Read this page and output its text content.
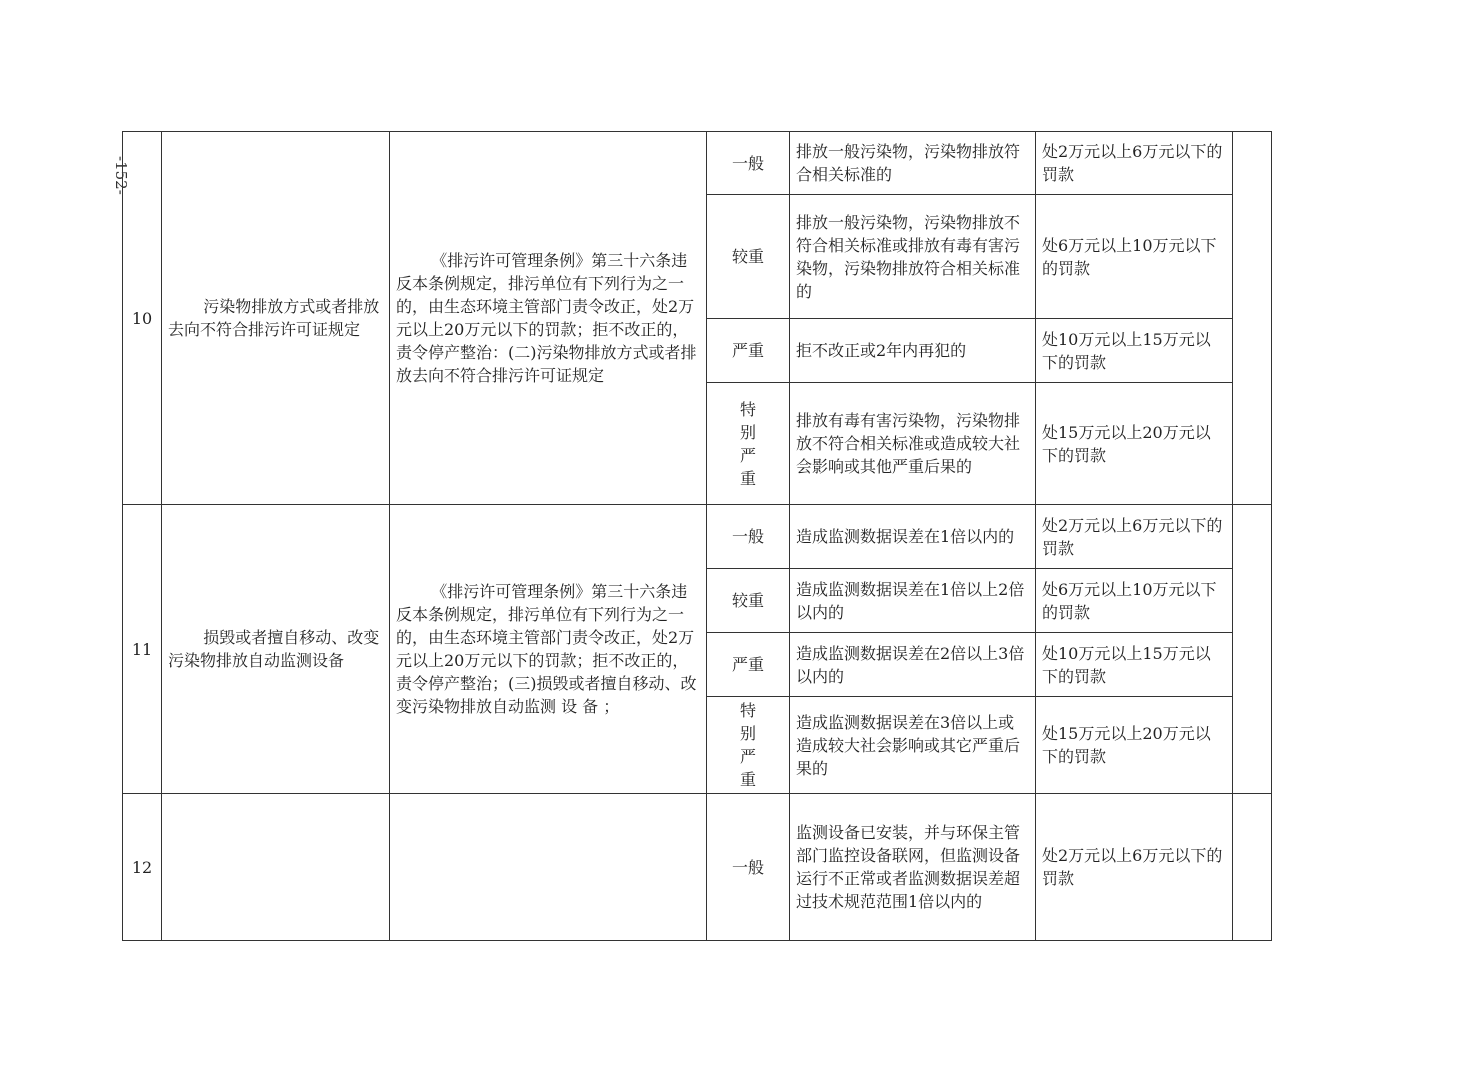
-152-
10	污染物排放方式或者排放去向不符合排污许可证规定	《排污许可管理条例》第三十六条违反本条例规定，排污单位有下列行为之一的，由生态环境主管部门责令改正，处2万元以上20万元以下的罚款；拒不改正的，责令停产整治：(二)污染物排放方式或者排放去向不符合排污许可证规定	一般	排放一般污染物，污染物排放符合相关标准的	处2万元以上6万元以下的罚款	
			较重	排放一般污染物，污染物排放不符合相关标准或排放有毒有害污染物，污染物排放符合相关标准的	处6万元以上10万元以下的罚款	
			严重	拒不改正或2年内再犯的	处10万元以上15万元以下的罚款	
			特别严重	排放有毒有害污染物，污染物排放不符合相关标准或造成较大社会影响或其他严重后果的	处15万元以上20万元以下的罚款	
11	损毁或者擅自移动、改变污染物排放自动监测设备	《排污许可管理条例》第三十六条违反本条例规定，排污单位有下列行为之一的，由生态环境主管部门责令改正，处2万元以上20万元以下的罚款；拒不改正的，责令停产整治；(三)损毁或者擅自移动、改变污染物排放自动监测 设 备 ；	一般	造成监测数据误差在1倍以内的	处2万元以上6万元以下的罚款	
			较重	造成监测数据误差在1倍以上2倍以内的	处6万元以上10万元以下的罚款	
			严重	造成监测数据误差在2倍以上3倍以内的	处10万元以上15万元以下的罚款	
			特别严重	造成监测数据误差在3倍以上或造成较大社会影响或其它严重后果的	处15万元以上20万元以下的罚款	
12			一般	监测设备已安装，并与环保主管部门监控设备联网，但监测设备运行不正常或者监测数据误差超过技术规范范围1倍以内的	处2万元以上6万元以下的罚款	
